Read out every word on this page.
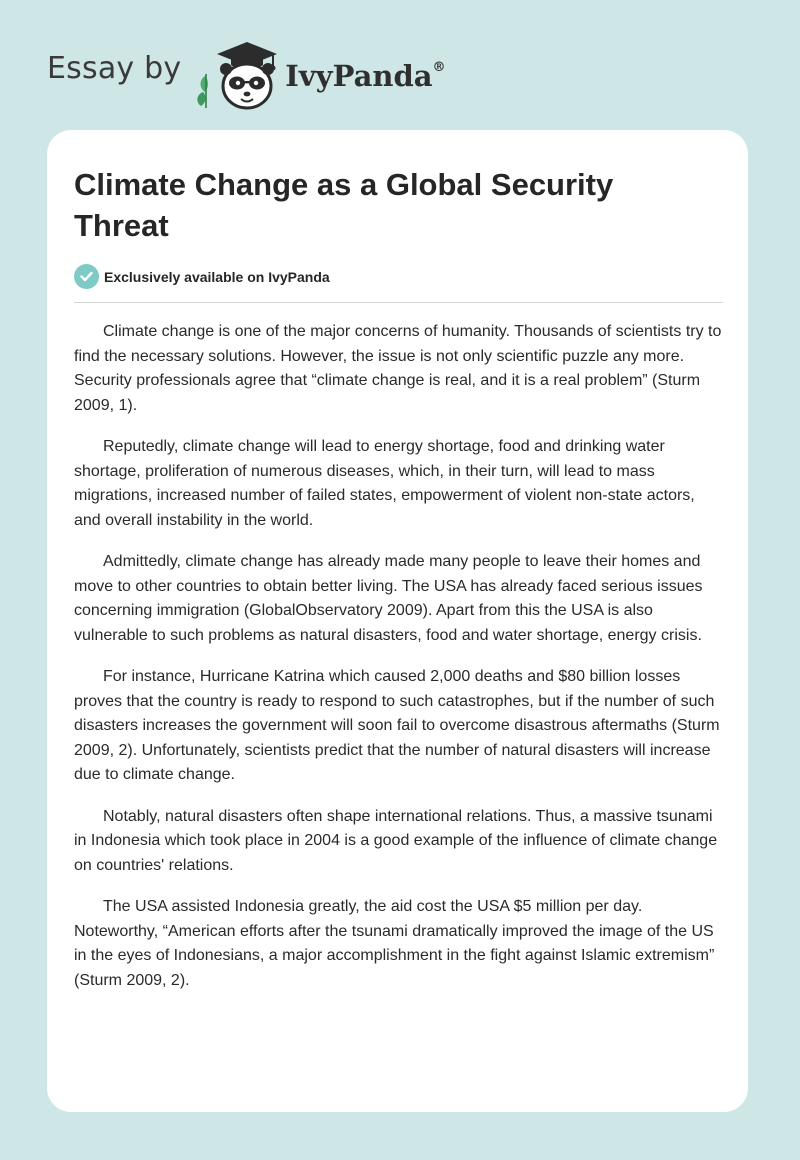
Essay by	IvyPanda®
Climate Change as a Global Security Threat
Exclusively available on IvyPanda

Climate change is one of the major concerns of humanity. Thousands of scientists try to find the necessary solutions. However, the issue is not only scientific puzzle any more. Security professionals agree that “climate change is real, and it is a real problem” (Sturm 2009, 1).

Reputedly, climate change will lead to energy shortage, food and drinking water shortage, proliferation of numerous diseases, which, in their turn, will lead to mass migrations, increased number of failed states, empowerment of violent non-state actors, and overall instability in the world.

Admittedly, climate change has already made many people to leave their homes and move to other countries to obtain better living. The USA has already faced serious issues concerning immigration (GlobalObservatory 2009). Apart from this the USA is also vulnerable to such problems as natural disasters, food and water shortage, energy crisis.

For instance, Hurricane Katrina which caused 2,000 deaths and $80 billion losses proves that the country is ready to respond to such catastrophes, but if the number of such disasters increases the government will soon fail to overcome disastrous aftermaths (Sturm 2009, 2). Unfortunately, scientists predict that the number of natural disasters will increase due to climate change.

Notably, natural disasters often shape international relations. Thus, a massive tsunami in Indonesia which took place in 2004 is a good example of the influence of climate change on countries' relations.

The USA assisted Indonesia greatly, the aid cost the USA $5 million per day. Noteworthy, “American efforts after the tsunami dramatically improved the image of the US in the eyes of Indonesians, a major accomplishment in the fight against Islamic extremism” (Sturm 2009, 2).
